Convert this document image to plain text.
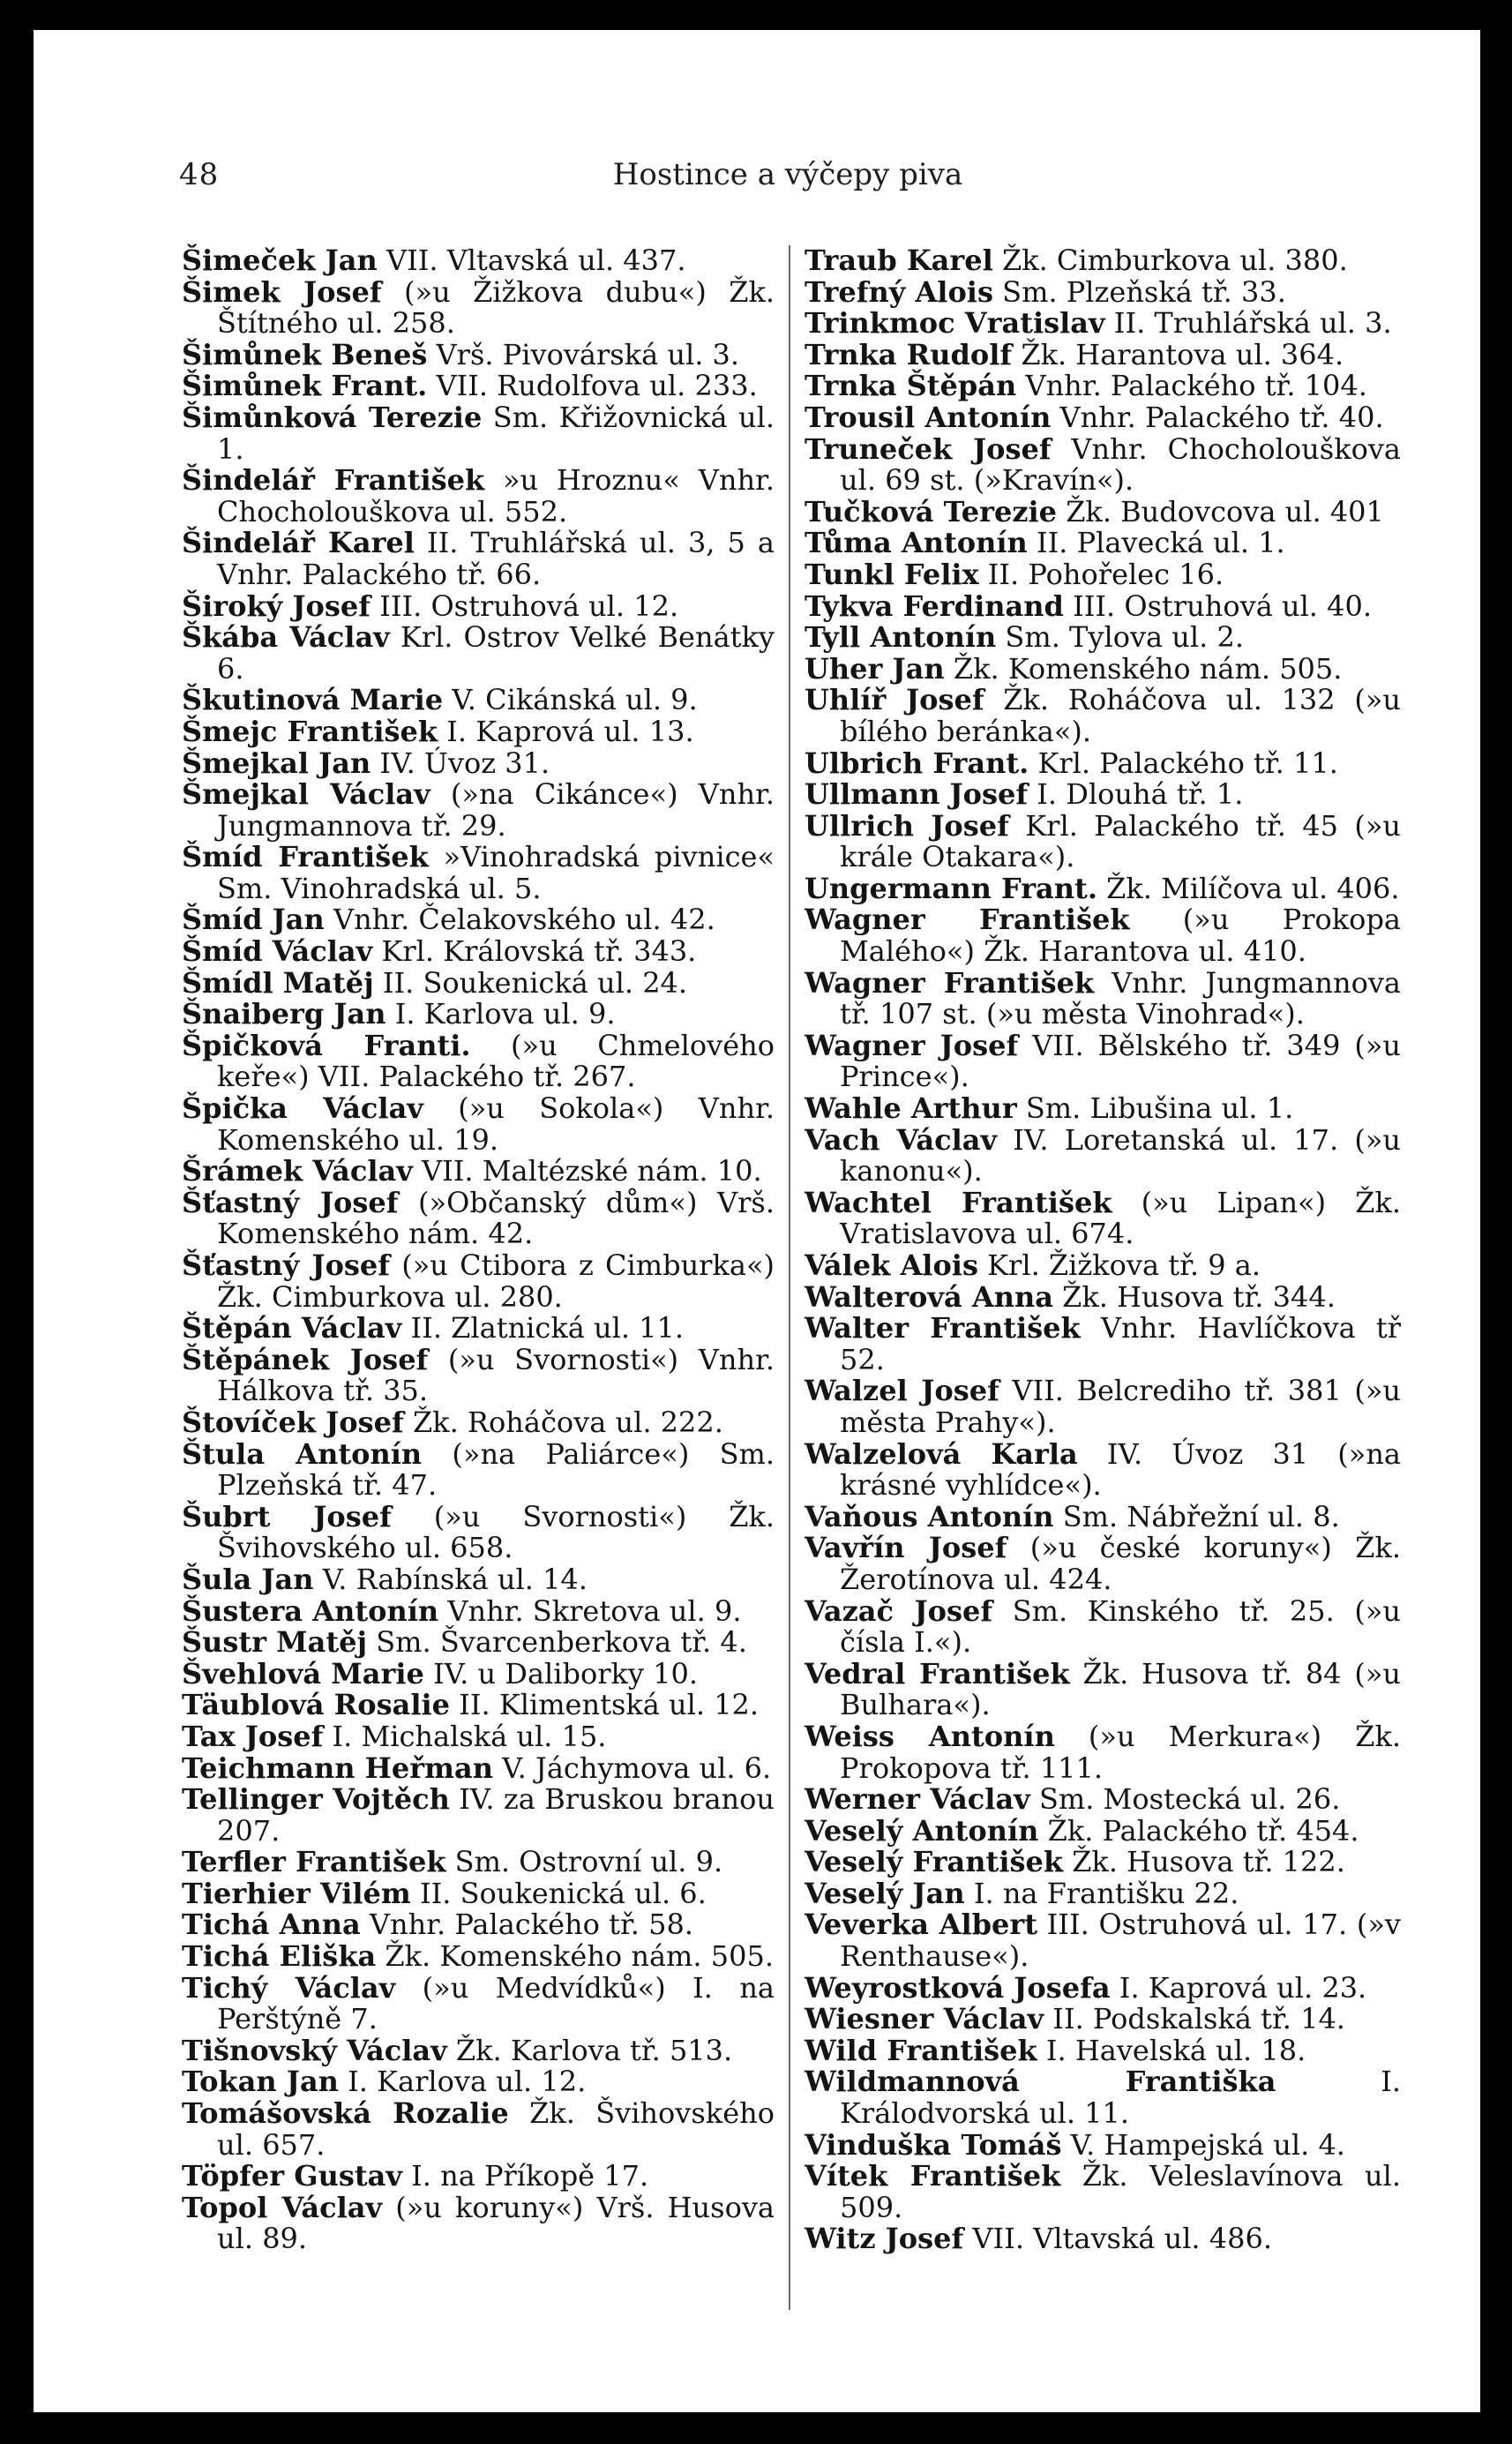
48	Hostince a výčepy piva

Šimeček Jan VII. Vltavská ul. 437.

Šimek Josef (»u Žižkova dubu«) Žk. Štítného ul. 258.

Šimůnek Beneš Vrš. Pivovárská ul. 3.

Šimůnek Frant. VII. Rudolfova ul. 233.

Šimůnková Terezie Sm. Křižovnická ul. 1.

Šindelář František »u Hroznu« Vnhr. Chocholouškova ul. 552.

Šindelář Karel II. Truhlářská ul. 3, 5 a Vnhr. Palackého tř. 66.

Široký Josef III. Ostruhová ul. 12.

Škába Václav Krl. Ostrov Velké Benátky 6.

Škutinová Marie V. Cikánská ul. 9.

Šmejc František I. Kaprová ul. 13.

Šmejkal Jan IV. Úvoz 31.

Šmejkal Václav (»na Cikánce«) Vnhr. Jungmannova tř. 29.

Šmíd František »Vinohradská pivnice« Sm. Vinohradská ul. 5.

Šmíd Jan Vnhr. Čelakovského ul. 42.

Šmíd Václav Krl. Královská tř. 343.

Šmídl Matěj II. Soukenická ul. 24.

Šnaiberg Jan I. Karlova ul. 9.

Špičková Franti. (»u Chmelového keře«) VII. Palackého tř. 267.

Špička Václav (»u Sokola«) Vnhr. Komenského ul. 19.

Šrámek Václav VII. Maltézské nám. 10.

Šťastný Josef (»Občanský dům«) Vrš. Komenského nám. 42.

Šťastný Josef (»u Ctibora z Cimburka«) Žk. Cimburkova ul. 280.

Štěpán Václav II. Zlatnická ul. 11.

Štěpánek Josef (»u Svornosti«) Vnhr. Hálkova tř. 35.

Štovíček Josef Žk. Roháčova ul. 222.

Štula Antonín (»na Paliárce«) Sm. Plzeňská tř. 47.

Šubrt Josef (»u Svornosti«) Žk. Švihovského ul. 658.

Šula Jan V. Rabínská ul. 14.

Šustera Antonín Vnhr. Skretova ul. 9.

Šustr Matěj Sm. Švarcenberkova tř. 4.

Švehlová Marie IV. u Daliborky 10.

Täublová Rosalie II. Klimentská ul. 12.

Tax Josef I. Michalská ul. 15.

Teichmann Heřman V. Jáchymova ul. 6.

Tellinger Vojtěch IV. za Bruskou branou 207.

Terfler František Sm. Ostrovní ul. 9.

Tierhier Vilém II. Soukenická ul. 6.

Tichá Anna Vnhr. Palackého tř. 58.

Tichá Eliška Žk. Komenského nám. 505.

Tichý Václav (»u Medvídků«) I. na Perštýně 7.

Tišnovský Václav Žk. Karlova tř. 513.

Tokan Jan I. Karlova ul. 12.

Tomášovská Rozalie Žk. Švihovského ul. 657.

Töpfer Gustav I. na Příkopě 17.

Topol Václav (»u koruny«) Vrš. Husova ul. 89.

Traub Karel Žk. Cimburkova ul. 380.

Trefný Alois Sm. Plzeňská tř. 33.

Trinkmoc Vratislav II. Truhlářská ul. 3.

Trnka Rudolf Žk. Harantova ul. 364.

Trnka Štěpán Vnhr. Palackého tř. 104.

Trousil Antonín Vnhr. Palackého tř. 40.

Truneček Josef Vnhr. Chocholouškova ul. 69 st. (»Kravín«).

Tučková Terezie Žk. Budovcova ul. 401

Tůma Antonín II. Plavecká ul. 1.

Tunkl Felix II. Pohořelec 16.

Tykva Ferdinand III. Ostruhová ul. 40.

Tyll Antonín Sm. Tylova ul. 2.

Uher Jan Žk. Komenského nám. 505.

Uhlíř Josef Žk. Roháčova ul. 132 (»u bílého beránka«).

Ulbrich Frant. Krl. Palackého tř. 11.

Ullmann Josef I. Dlouhá tř. 1.

Ullrich Josef Krl. Palackého tř. 45 (»u krále Otakara«).

Ungermann Frant. Žk. Milíčova ul. 406.

Wagner František (»u Prokopa Malého«) Žk. Harantova ul. 410.

Wagner František Vnhr. Jungmannova tř. 107 st. (»u města Vinohrad«).

Wagner Josef VII. Bělského tř. 349 (»u Prince«).

Wahle Arthur Sm. Libušina ul. 1.

Vach Václav IV. Loretanská ul. 17. (»u kanonu«).

Wachtel František (»u Lipan«) Žk. Vratislavova ul. 674.

Válek Alois Krl. Žižkova tř. 9 a.

Walterová Anna Žk. Husova tř. 344.

Walter František Vnhr. Havlíčkova tř 52.

Walzel Josef VII. Belcrediho tř. 381 (»u města Prahy«).

Walzelová Karla IV. Úvoz 31 (»na krásné vyhlídce«).

Vaňous Antonín Sm. Nábřežní ul. 8.

Vavřín Josef (»u české koruny«) Žk. Žerotínova ul. 424.

Vazač Josef Sm. Kinského tř. 25. (»u čísla I.«).

Vedral František Žk. Husova tř. 84 (»u Bulhara«).

Weiss Antonín (»u Merkura«) Žk. Prokopova tř. 111.

Werner Václav Sm. Mostecká ul. 26.

Veselý Antonín Žk. Palackého tř. 454.

Veselý František Žk. Husova tř. 122.

Veselý Jan I. na Františku 22.

Veverka Albert III. Ostruhová ul. 17. (»v Renthause«).

Weyrostková Josefa I. Kaprová ul. 23.

Wiesner Václav II. Podskalská tř. 14.

Wild František I. Havelská ul. 18.

Wildmannová Františka I. Králodvorská ul. 11.

Vinduška Tomáš V. Hampejská ul. 4.

Vítek František Žk. Veleslavínova ul. 509.

Witz Josef VII. Vltavská ul. 486.
